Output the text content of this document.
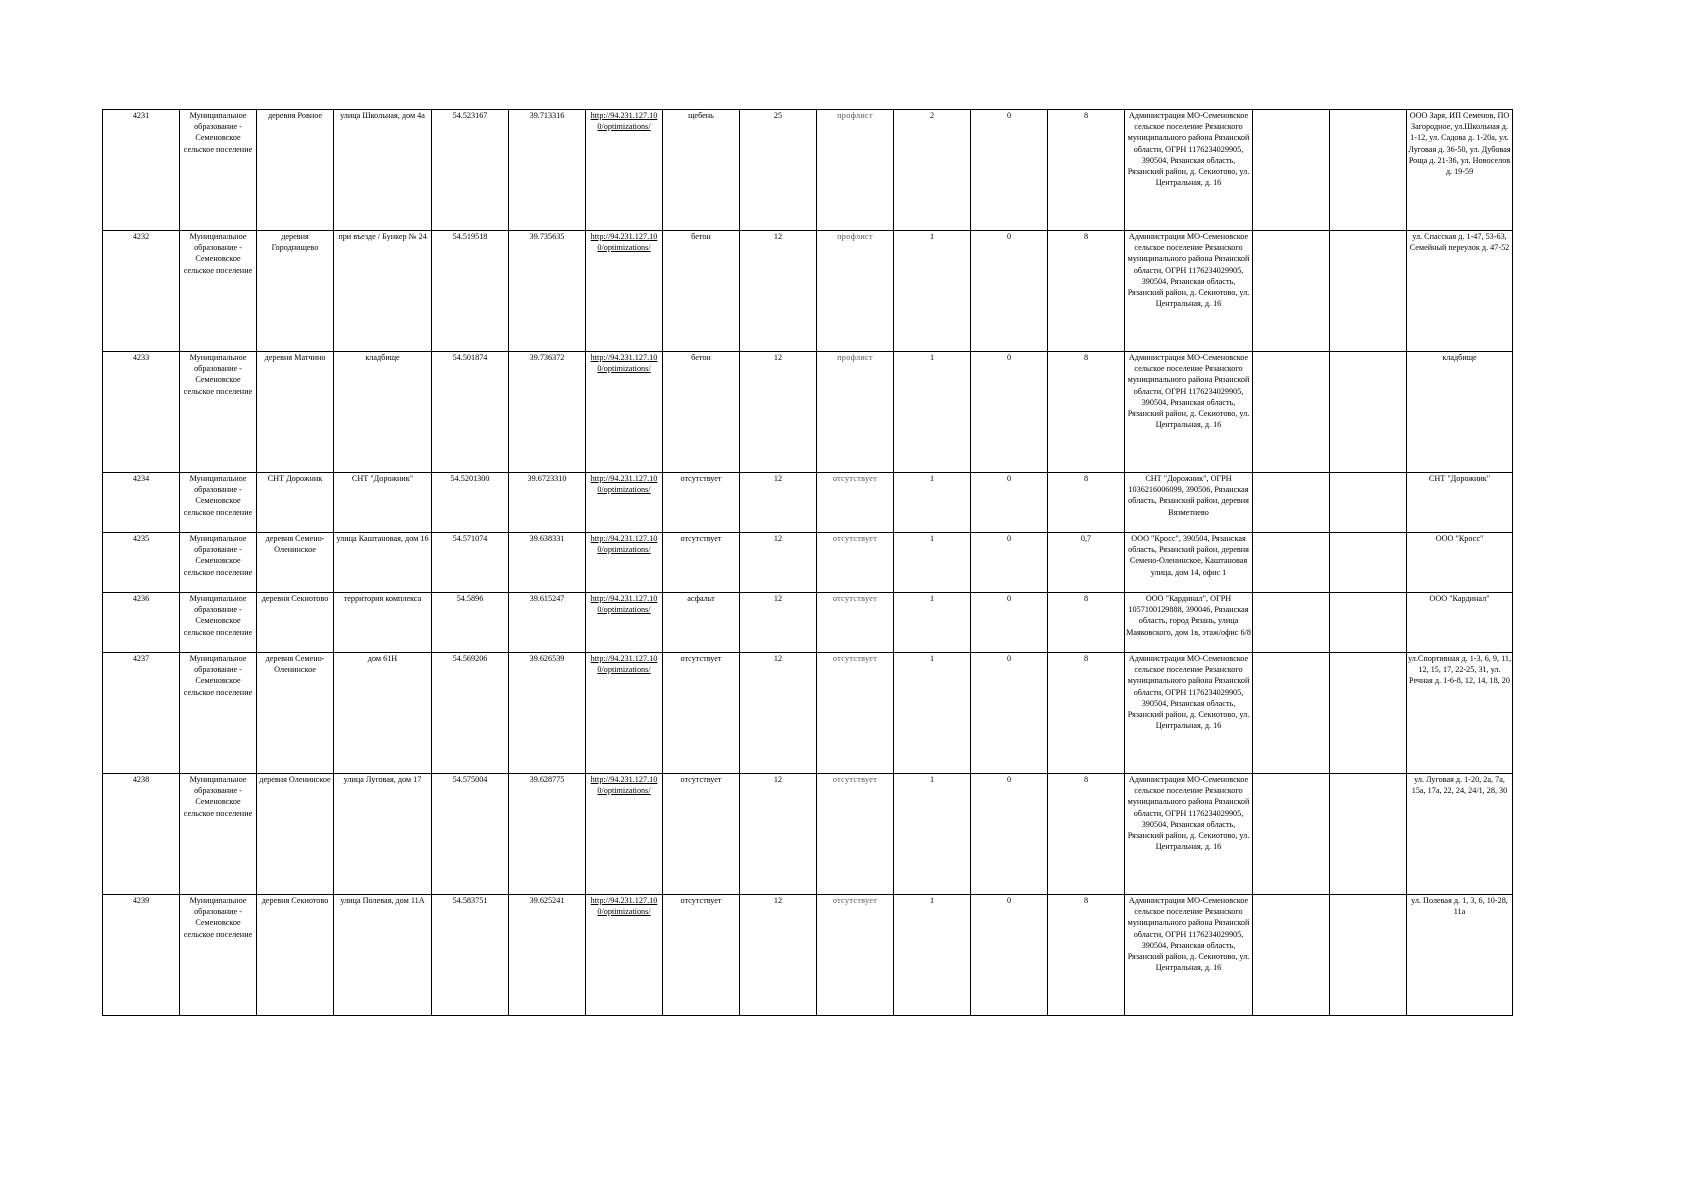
4231	Муниципальное образование - Семеновское сельское поселение	деревня Ровное	улица Школьная, дом 4а	54.523167	39.713316	http://94.231.127.10 0/optimizations/	щебень	25	профлист	2	0	8	Администрация МО-Семеновское сельское поселение Рязанского муниципального района Рязанской области, ОГРН 1176234029905, 390504, Рязанская область, Рязанский район, д. Секиотово, ул. Центральная, д. 16			ООО Заря, ИП Семенов, ПО Загородное, ул.Школьная д. 1-12, ул. Садова д. 1-20а, ул. Луговая д. 36-50, ул. Дубовая Роща д. 21-36, ул. Новоселов д. 19-59
4232	Муниципальное образование - Семеновское сельское поселение	деревня Городнищево	при въезде / Бункер № 24	54.519518	39.735635	http://94.231.127.10 0/optimizations/	бетон	12	профлист	1	0	8	Администрация МО-Семеновское сельское поселение Рязанского муниципального района Рязанской области, ОГРН 1176234029905, 390504, Рязанская область, Рязанский район, д. Секиотово, ул. Центральная, д. 16			ул. Спасская д. 1-47, 53-63, Семейный переулок д. 47-52
4233	Муниципальное образование - Семеновское сельское поселение	деревня Матчино	кладбище	54.501874	39.736372	http://94.231.127.10 0/optimizations/	бетон	12	профлист	1	0	8	Администрация МО-Семеновское сельское поселение Рязанского муниципального района Рязанской области, ОГРН 1176234029905, 390504, Рязанская область, Рязанский район, д. Секиотово, ул. Центральная, д. 16			кладбище
4234	Муниципальное образование - Семеновское сельское поселение	СНТ Дорожник	СНТ "Дорожник"	54.5201300	39.6723310	http://94.231.127.10 0/optimizations/	отсутствует	12	отсутствует	1	0	8	СНТ "Дорожник", ОГРН 1036216006099, 390506, Рязанская область, Рязанский район, деревня Вязметнево			СНТ "Дорожник"
4235	Муниципальное образование - Семеновское сельское поселение	деревня Семено-Оленинское	улица Каштановая, дом 16	54.571074	39.638331	http://94.231.127.10 0/optimizations/	отсутствует	12	отсутствует	1	0	0,7	ООО "Кросс", 390504, Рязанская область, Рязанский район, деревня Семено-Оленинское, Каштановая улица, дом 14, офис 1			ООО "Кросс"
4236	Муниципальное образование - Семеновское сельское поселение	деревня Секиотово	территория комплекса	54.5896	39.615247	http://94.231.127.10 0/optimizations/	асфальт	12	отсутствует	1	0	8	ООО "Кардинал", ОГРН 1057100129888, 390046, Рязанская область, город Рязань, улица Маяковского, дом 1в, этаж/офис 6/8			ООО "Кардинал"
4237	Муниципальное образование - Семеновское сельское поселение	деревня Семено-Оленинское	дом 61Н	54.569206	39.626539	http://94.231.127.10 0/optimizations/	отсутствует	12	отсутствует	1	0	8	Администрация МО-Семеновское сельское поселение Рязанского муниципального района Рязанской области, ОГРН 1176234029905, 390504, Рязанская область, Рязанский район, д. Секиотово, ул. Центральная, д. 16			ул.Спортивная д. 1-3, 6, 9, 11, 12, 15, 17, 22-25, 31, ул. Речная д. 1-6-8, 12, 14, 18, 20
4238	Муниципальное образование - Семеновское сельское поселение	деревня Оленинское	улица Луговая, дом 17	54.575004	39.628775	http://94.231.127.10 0/optimizations/	отсутствует	12	отсутствует	1	0	8	Администрация МО-Семеновское сельское поселение Рязанского муниципального района Рязанской области, ОГРН 1176234029905, 390504, Рязанская область, Рязанский район, д. Секиотово, ул. Центральная, д. 16			ул. Луговая д. 1-20, 2а, 7а, 15а, 17а, 22, 24, 24/1, 28, 30
4239	Муниципальное образование - Семеновское сельское поселение	деревня Секиотово	улица Полевая, дом 11А	54.583751	39.625241	http://94.231.127.10 0/optimizations/	отсутствует	12	отсутствует	1	0	8	Администрация МО-Семеновское сельское поселение Рязанского муниципального района Рязанской области, ОГРН 1176234029905, 390504, Рязанская область, Рязанский район, д. Секиотово, ул. Центральная, д. 16			ул. Полевая д. 1, 3, 6, 10-28, 11а
